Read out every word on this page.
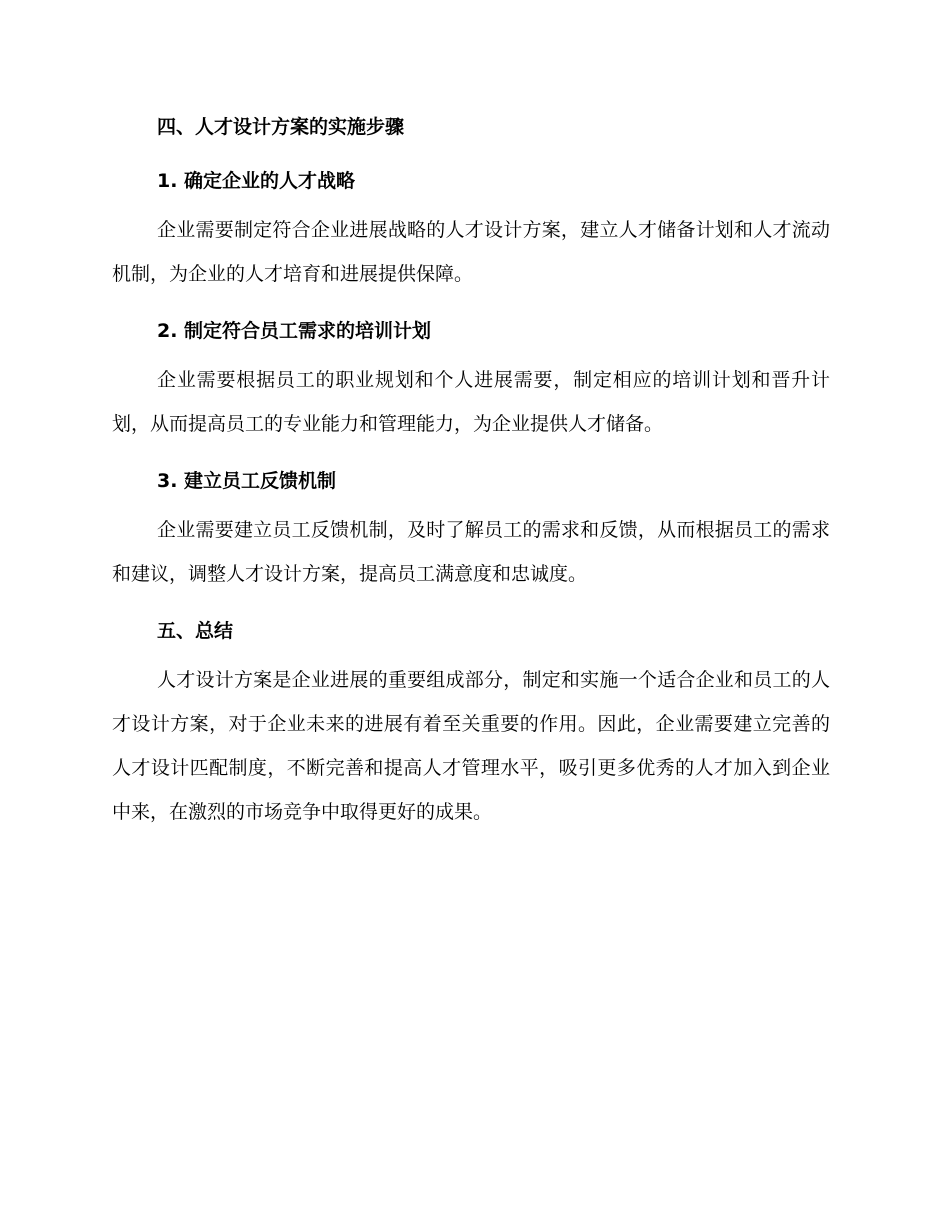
四、人才设计方案的实施步骤
1. 确定企业的人才战略

企业需要制定符合企业进展战略的人才设计方案，建立人才储备计划和人才流动机制，为企业的人才培育和进展提供保障。

2. 制定符合员工需求的培训计划

企业需要根据员工的职业规划和个人进展需要，制定相应的培训计划和晋升计划，从而提高员工的专业能力和管理能力，为企业提供人才储备。

3. 建立员工反馈机制

企业需要建立员工反馈机制，及时了解员工的需求和反馈，从而根据员工的需求和建议，调整人才设计方案，提高员工满意度和忠诚度。

五、总结

人才设计方案是企业进展的重要组成部分，制定和实施一个适合企业和员工的人才设计方案，对于企业未来的进展有着至关重要的作用。因此，企业需要建立完善的人才设计匹配制度，不断完善和提高人才管理水平，吸引更多优秀的人才加入到企业中来，在激烈的市场竞争中取得更好的成果。
